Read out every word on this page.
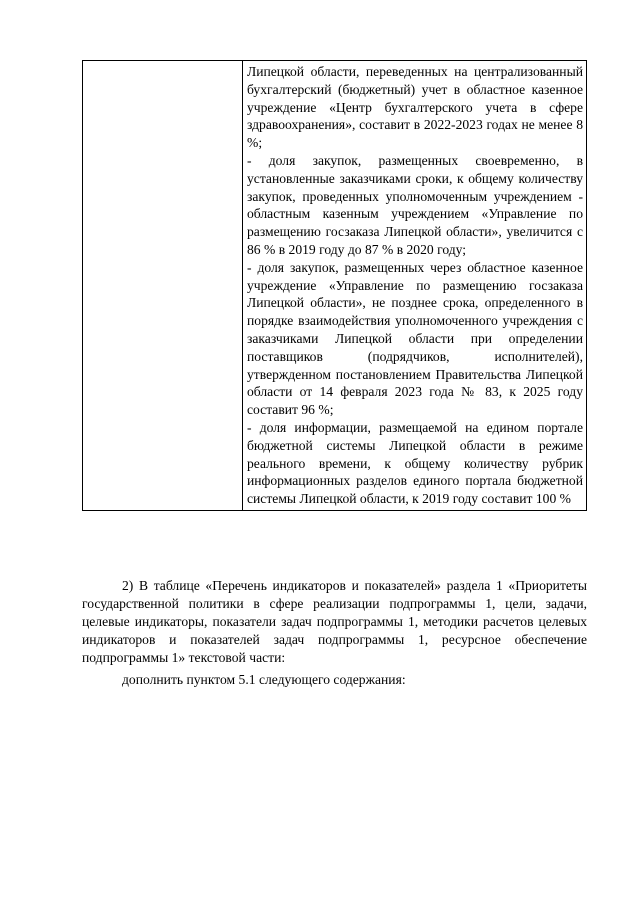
Липецкой области, переведенных на централизованный бухгалтерский (бюджетный) учет в областное казенное учреждение «Центр бухгалтерского учета в сфере здравоохранения», составит в 2022-2023 годах не менее 8 %;

- доля закупок, размещенных своевременно, в установленные заказчиками сроки, к общему количеству закупок, проведенных уполномоченным учреждением - областным казенным учреждением «Управление по размещению госзаказа Липецкой области», увеличится с 86 % в 2019 году до 87 % в 2020 году;

- доля закупок, размещенных через областное казенное учреждение «Управление по размещению госзаказа Липецкой области», не позднее срока, определенного в порядке взаимодействия уполномоченного учреждения с заказчиками Липецкой области при определении поставщиков (подрядчиков, исполнителей), утвержденном постановлением Правительства Липецкой области от 14 февраля 2023 года № 83, к 2025 году составит 96 %;

- доля информации, размещаемой на едином портале бюджетной системы Липецкой области в режиме реального времени, к общему количеству рубрик информационных разделов единого портала бюджетной системы Липецкой области, к 2019 году составит 100 %

2) В таблице «Перечень индикаторов и показателей» раздела 1 «Приоритеты государственной политики в сфере реализации подпрограммы 1, цели, задачи, целевые индикаторы, показатели задач подпрограммы 1, методики расчетов целевых индикаторов и показателей задач подпрограммы 1, ресурсное обеспечение подпрограммы 1» текстовой части:

дополнить пунктом 5.1 следующего содержания:
